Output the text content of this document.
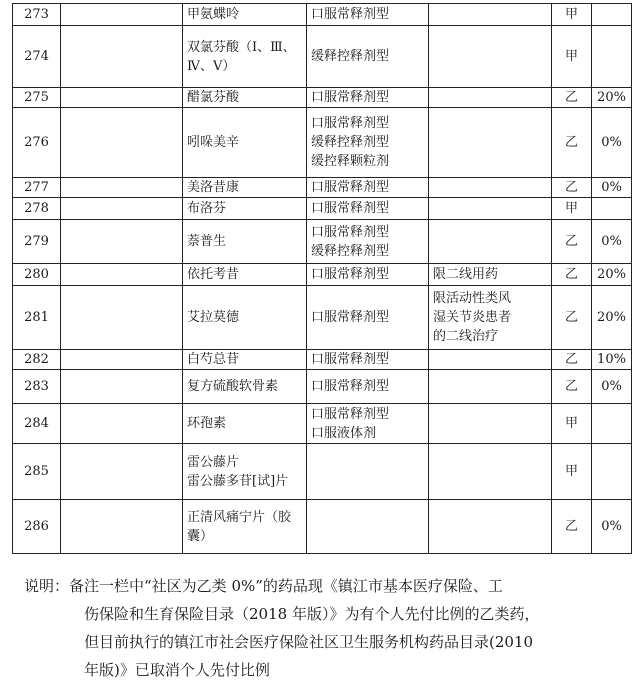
273		甲氨蝶呤	口服常释剂型		甲	
274		双氯芬酸（Ⅰ、Ⅲ、
Ⅳ、Ⅴ）	缓释控释剂型		甲	
275		醋氯芬酸	口服常释剂型		乙	20%
276		吲哚美辛	口服常释剂型
缓释控释剂型
缓控释颗粒剂		乙	0%
277		美洛昔康	口服常释剂型		乙	0%
278		布洛芬	口服常释剂型		甲	
279		萘普生	口服常释剂型
缓释控释剂型		乙	0%
280		依托考昔	口服常释剂型	限二线用药	乙	20%
281		艾拉莫德	口服常释剂型	限活动性类风
湿关节炎患者
的二线治疗	乙	20%
282		白芍总苷	口服常释剂型		乙	10%
283		复方硫酸软骨素	口服常释剂型		乙	0%
284		环孢素	口服常释剂型
口服液体剂		甲	
285		雷公藤片
雷公藤多苷[试]片			甲	
286		正清风痛宁片（胶
囊）			乙	0%

说明：备注一栏中“社区为乙类 0%”的药品现《镇江市基本医疗保险、工

伤保险和生育保险目录（2018 年版）》为有个人先付比例的乙类药，

但目前执行的镇江市社会医疗保险社区卫生服务机构药品目录(2010

年版)》已取消个人先付比例
